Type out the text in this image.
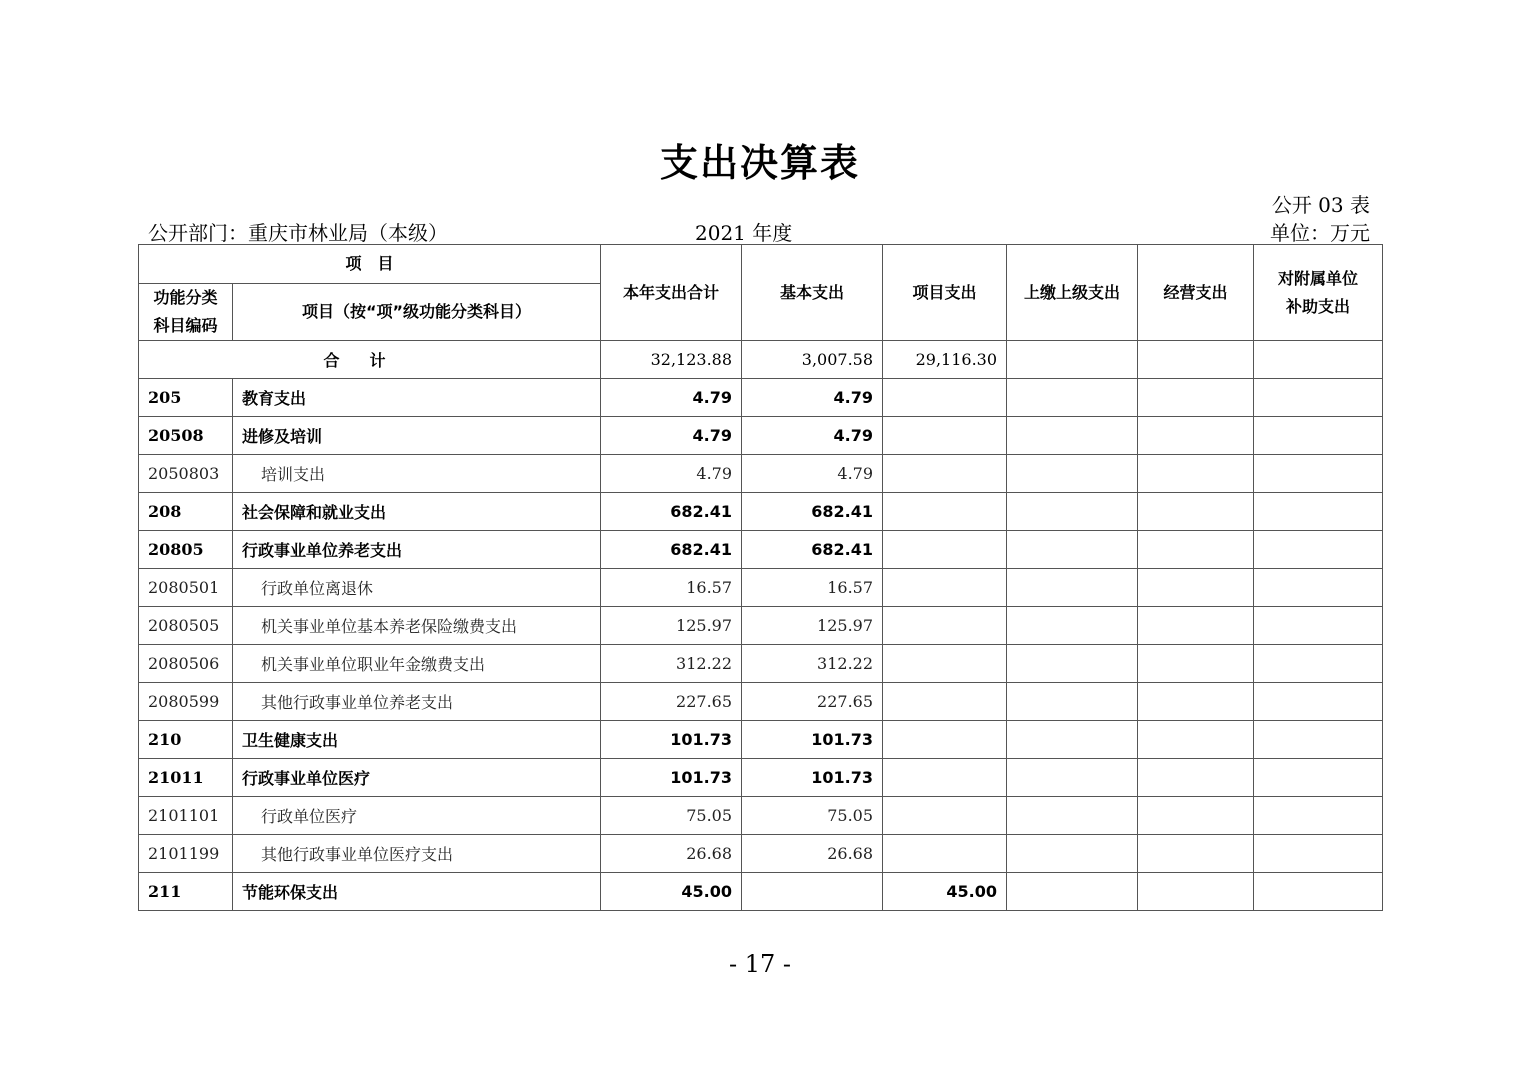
支出决算表
公开 03 表
公开部门：重庆市林业局（本级）	2021 年度	单位：万元
项　目		本年支出合计	基本支出	项目支出	上缴上级支出	经营支出	对附属单位
补助支出
功能分类
科目编码	项目（按“项”级功能分类科目）						
合计		32,123.88	3,007.58	29,116.30			
205	教育支出	4.79	4.79				
20508	进修及培训	4.79	4.79				
2050803	培训支出	4.79	4.79				
208	社会保障和就业支出	682.41	682.41				
20805	行政事业单位养老支出	682.41	682.41				
2080501	行政单位离退休	16.57	16.57				
2080505	机关事业单位基本养老保险缴费支出	125.97	125.97				
2080506	机关事业单位职业年金缴费支出	312.22	312.22				
2080599	其他行政事业单位养老支出	227.65	227.65				
210	卫生健康支出	101.73	101.73				
21011	行政事业单位医疗	101.73	101.73				
2101101	行政单位医疗	75.05	75.05				
2101199	其他行政事业单位医疗支出	26.68	26.68				
211	节能环保支出	45.00		45.00			
- 17 -
